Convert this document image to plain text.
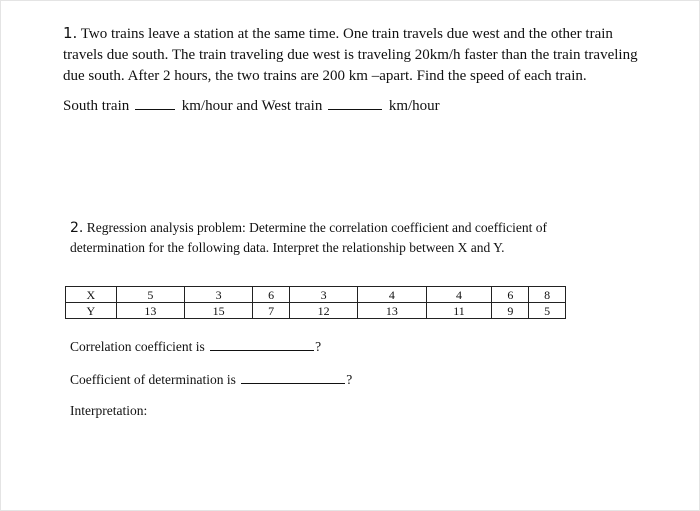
1. Two trains leave a station at the same time. One train travels due west and the other train travels due south. The train traveling due west is traveling 20km/h faster than the train traveling due south. After 2 hours, the two trains are 200 km –apart. Find the speed of each train.
South train	km/hour and West train	km/hour
2. Regression analysis problem: Determine the correlation coefficient and coefficient of determination for the following data. Interpret the relationship between X and Y.
X	5	3	6	3	4	4	6	8
Y	13	15	7	12	13	11	9	5
Correlation coefficient is	?
Coefficient of determination is	?
Interpretation:
